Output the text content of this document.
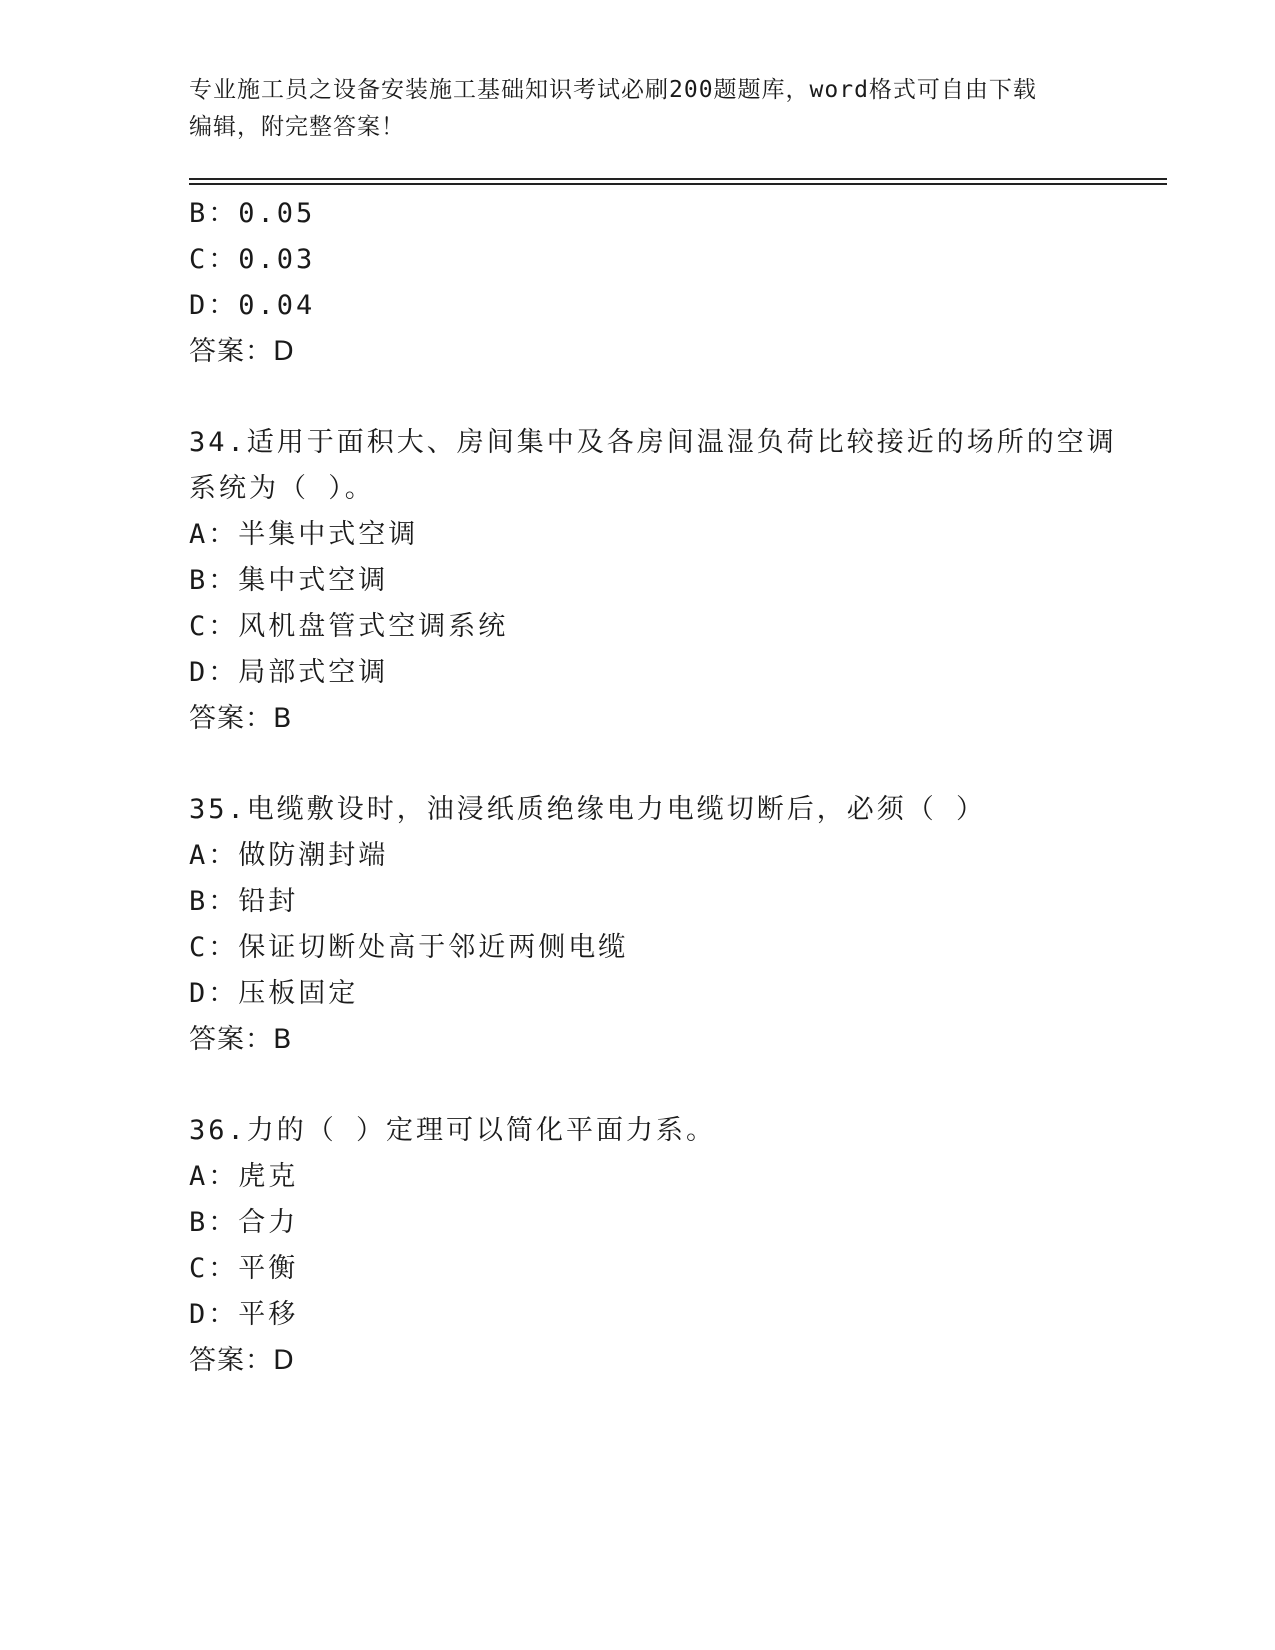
专业施工员之设备安装施工基础知识考试必刷200题题库，word格式可自由下载
编辑，附完整答案！
B：0.05
C：0.03
D：0.04
答案：D
34.适用于面积大、房间集中及各房间温湿负荷比较接近的场所的空调
系统为（ ）。
A：半集中式空调
B：集中式空调
C：风机盘管式空调系统
D：局部式空调
答案：B
35.电缆敷设时，油浸纸质绝缘电力电缆切断后，必须（ ）
A：做防潮封端
B：铅封
C：保证切断处高于邻近两侧电缆
D：压板固定
答案：B
36.力的（ ）定理可以简化平面力系。
A：虎克
B：合力
C：平衡
D：平移
答案：D
